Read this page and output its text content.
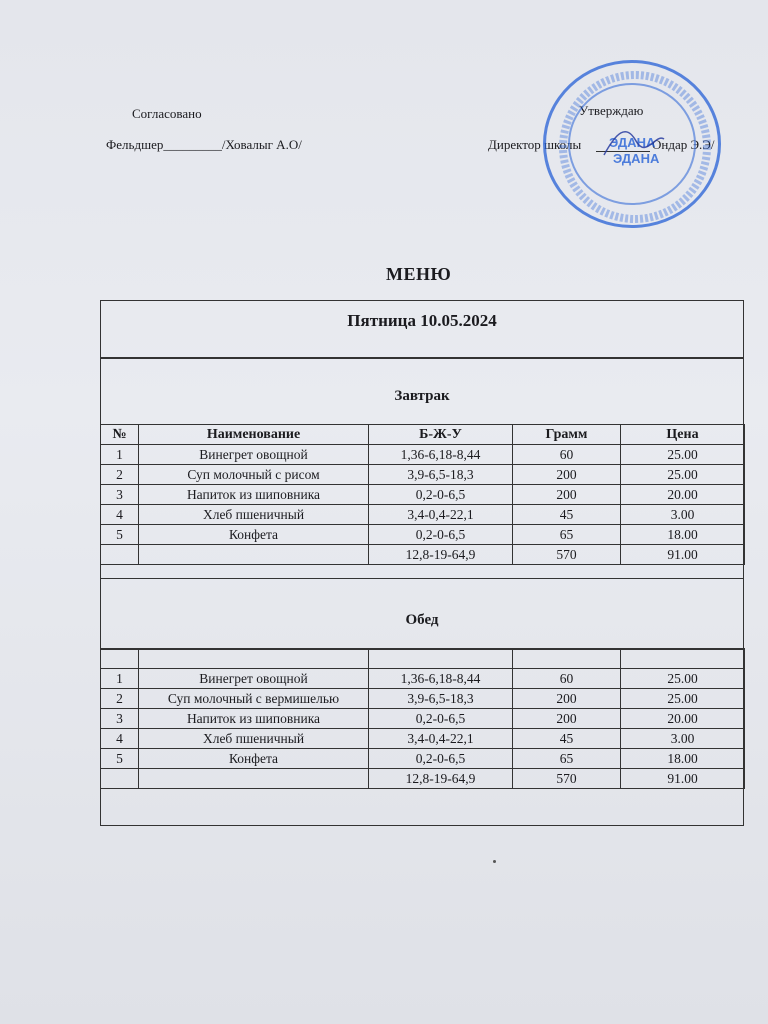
Согласовано
Фельдшер_________/Ховалыг А.О/
Утверждаю
Директор школы	Ондар Э.Э/
ЭДАНА
ЭДАНА
МЕНЮ
Пятница 10.05.2024
Завтрак
№	Наименование	Б-Ж-У	Грамм	Цена
1	Винегрет овощной	1,36-6,18-8,44	60	25.00
2	Суп молочный с рисом	3,9-6,5-18,3	200	25.00
3	Напиток из шиповника	0,2-0-6,5	200	20.00
4	Хлеб пшеничный	3,4-0,4-22,1	45	3.00
5	Конфета	0,2-0-6,5	65	18.00
		12,8-19-64,9	570	91.00
Обед

1	Винегрет овощной	1,36-6,18-8,44	60	25.00
2	Суп молочный с вермишелью	3,9-6,5-18,3	200	25.00
3	Напиток из шиповника	0,2-0-6,5	200	20.00
4	Хлеб пшеничный	3,4-0,4-22,1	45	3.00
5	Конфета	0,2-0-6,5	65	18.00
		12,8-19-64,9	570	91.00
